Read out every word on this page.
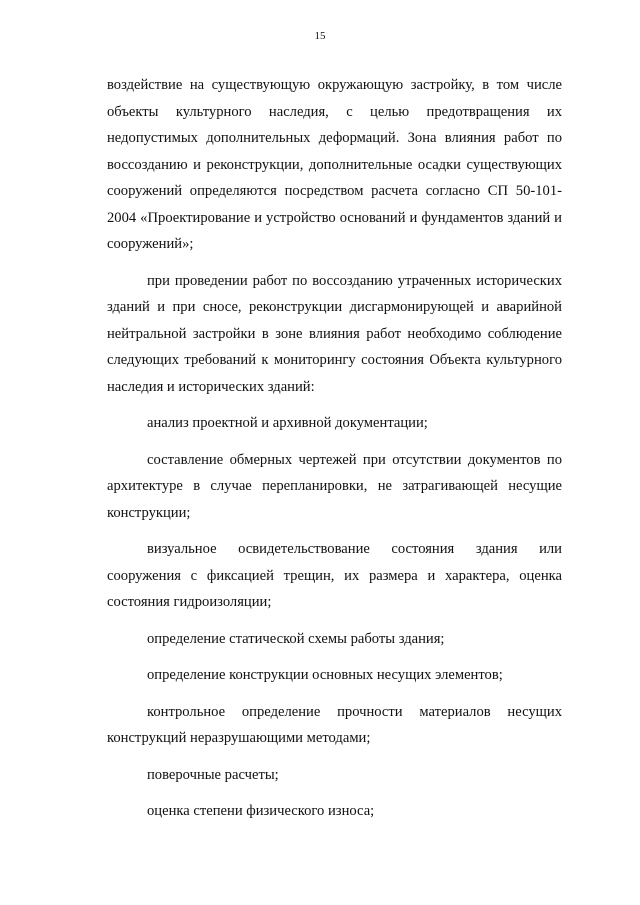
15

воздействие на существующую окружающую застройку, в том числе объекты культурного наследия, с целью предотвращения их недопустимых дополнительных деформаций. Зона влияния работ по воссозданию и реконструкции, дополнительные осадки существующих сооружений определяются посредством расчета согласно СП 50-101-2004 «Проектирование и устройство оснований и фундаментов зданий и сооружений»;

при проведении работ по воссозданию утраченных исторических зданий и при сносе, реконструкции дисгармонирующей и аварийной нейтральной застройки в зоне влияния работ необходимо соблюдение следующих требований к мониторингу состояния Объекта культурного наследия и исторических зданий:

анализ проектной и архивной документации;

составление обмерных чертежей при отсутствии документов по архитектуре в случае перепланировки, не затрагивающей несущие конструкции;

визуальное освидетельствование состояния здания или сооружения с фиксацией трещин, их размера и характера, оценка состояния гидроизоляции;

определение статической схемы работы здания;

определение конструкции основных несущих элементов;

контрольное определение прочности материалов несущих конструкций неразрушающими методами;

поверочные расчеты;

оценка степени физического износа;
